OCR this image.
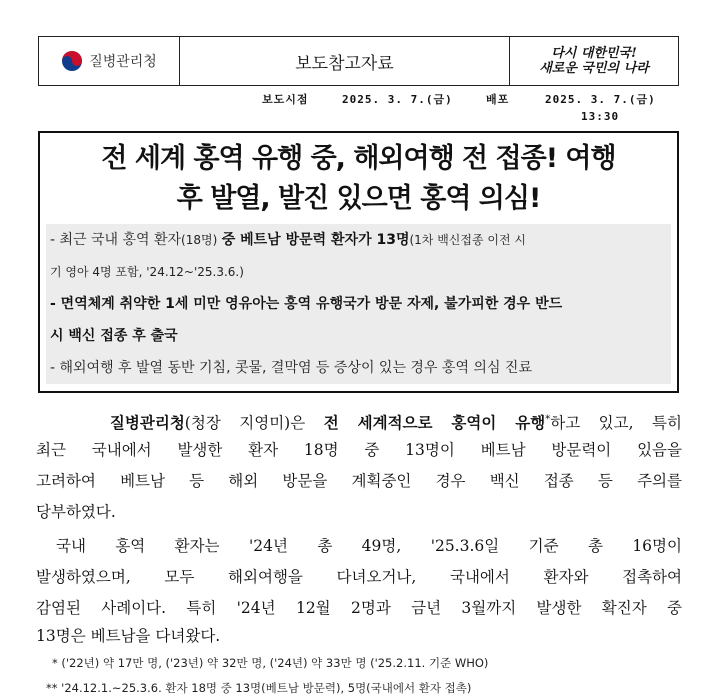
질병관리청	보도참고자료	다시 대한민국!
새로운 국민의 나라
보도시점	2025. 3. 7.(금)	배포	2025. 3. 7.(금)
13:30
전 세계 홍역 유행 중, 해외여행 전 접종! 여행
후 발열, 발진 있으면 홍역 의심!
- 최근 국내 홍역 환자(18명) 중 베트남 방문력 환자가 13명(1차 백신접종 이전 시
기 영아 4명 포함, '24.12~'25.3.6.)
- 면역체계 취약한 1세 미만 영유아는 홍역 유행국가 방문 자제, 불가피한 경우 반드
시 백신 접종 후 출국
- 해외여행 후 발열 동반 기침, 콧물, 결막염 등 증상이 있는 경우 홍역 의심 진료
질병관리청(청장 지영미)은 전 세계적으로 홍역이 유행*하고 있고, 특히
최근 국내에서 발생한 환자 18명 중 13명이 베트남 방문력이 있음을
고려하여 베트남 등 해외 방문을 계획중인 경우 백신 접종 등 주의를
당부하였다.
국내 홍역 환자는 '24년 총 49명, '25.3.6일 기준 총 16명이
발생하였으며, 모두 해외여행을 다녀오거나, 국내에서 환자와 접촉하여
감염된 사례이다. 특히 '24년 12월 2명과 금년 3월까지 발생한 확진자 중
13명은 베트남을 다녀왔다.
* ('22년) 약 17만 명, ('23년) 약 32만 명, ('24년) 약 33만 명 ('25.2.11. 기준 WHO)
** '24.12.1.~25.3.6. 환자 18명 중 13명(베트남 방문력), 5명(국내에서 환자 접촉)
